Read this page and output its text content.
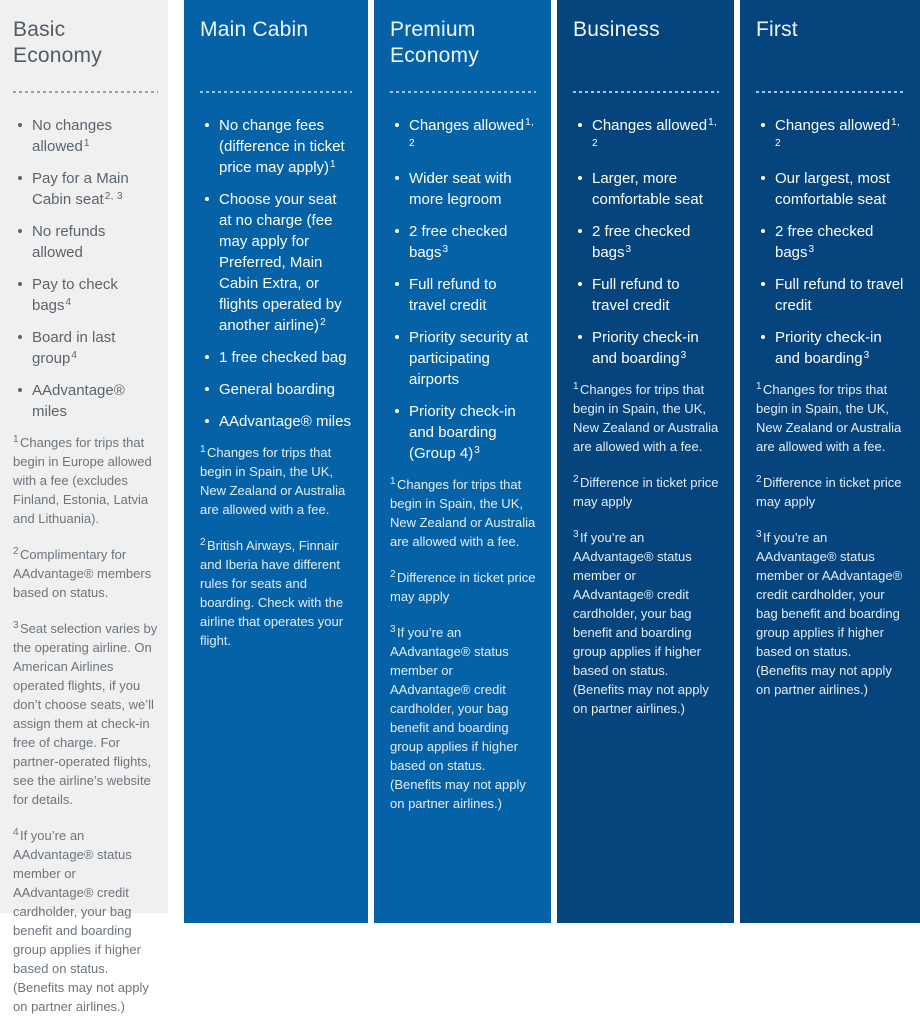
Basic Economy
No changes allowed$^1$
Pay for a Main Cabin seat$^{2, 3}$
No refunds allowed
Pay to check bags$^4$
Board in last group$^4$
AAdvantage® miles

$^1$Changes for trips that begin in Europe allowed with a fee (excludes Finland, Estonia, Latvia and Lithuania).

$^2$Complimentary for AAdvantage® members based on status.

$^3$Seat selection varies by the operating airline. On American Airlines operated flights, if you don’t choose seats, we’ll assign them at check-in free of charge. For partner-operated flights, see the airline’s website for details.

$^4$If you’re an AAdvantage® status member or AAdvantage® credit cardholder, your bag benefit and boarding group applies if higher based on status. (Benefits may not apply on partner airlines.)

Main Cabin
No change fees (difference in ticket price may apply)$^1$
Choose your seat at no charge (fee may apply for Preferred, Main Cabin Extra, or flights operated by another airline)$^2$
1 free checked bag
General boarding
AAdvantage® miles

$^1$Changes for trips that begin in Spain, the UK, New Zealand or Australia are allowed with a fee.

$^2$British Airways, Finnair and Iberia have different rules for seats and boarding. Check with the airline that operates your flight.

Premium Economy
Changes allowed$^{1, 2}$
Wider seat with more legroom
2 free checked bags$^3$
Full refund to travel credit
Priority security at participating airports
Priority check-in and boarding (Group 4)$^3$

$^1$Changes for trips that begin in Spain, the UK, New Zealand or Australia are allowed with a fee.

$^2$Difference in ticket price may apply

$^3$If you’re an AAdvantage® status member or AAdvantage® credit cardholder, your bag benefit and boarding group applies if higher based on status. (Benefits may not apply on partner airlines.)

Business
Changes allowed$^{1, 2}$
Larger, more comfortable seat
2 free checked bags$^3$
Full refund to travel credit
Priority check-in and boarding$^3$

$^1$Changes for trips that begin in Spain, the UK, New Zealand or Australia are allowed with a fee.

$^2$Difference in ticket price may apply

$^3$If you’re an AAdvantage® status member or AAdvantage® credit cardholder, your bag benefit and boarding group applies if higher based on status. (Benefits may not apply on partner airlines.)

First
Changes allowed$^{1, 2}$
Our largest, most comfortable seat
2 free checked bags$^3$
Full refund to travel credit
Priority check-in and boarding$^3$

$^1$Changes for trips that begin in Spain, the UK, New Zealand or Australia are allowed with a fee.

$^2$Difference in ticket price may apply

$^3$If you’re an AAdvantage® status member or AAdvantage® credit cardholder, your bag benefit and boarding group applies if higher based on status. (Benefits may not apply on partner airlines.)
